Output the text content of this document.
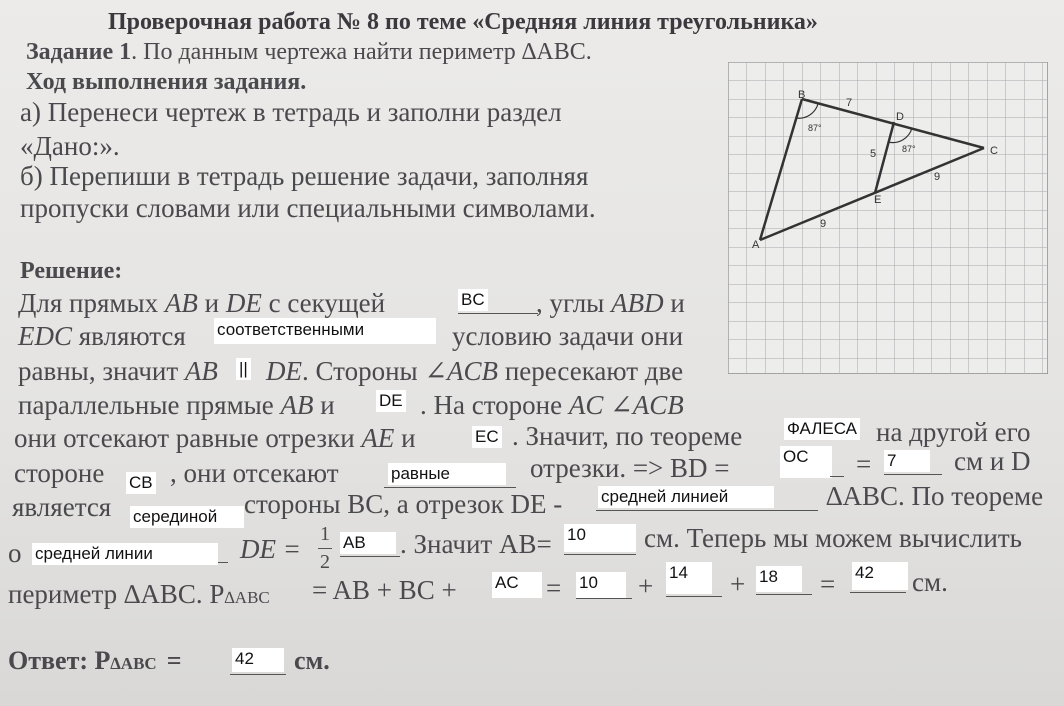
Проверочная работа № 8 по теме «Средняя линия треугольника»
Задание 1. По данным чертежа найти периметр ∆ABC.
Ход выполнения задания.
а) Перенеси чертеж в тетрадь и заполни раздел
«Дано:».
б) Перепиши в тетрадь решение задачи, заполняя
пропуски словами или специальными символами.
Решение:
Для прямых AB и DE с секущей	BC , углы ABD и
EDC являются соответственными	условию задачи они
равны, значит AB || DE. Стороны ∠ACB пересекают две
параллельные прямые AB и	DE . На стороне AC ∠ACB
они отсекают равные отрезки AE и	EC . Значит, по теореме	ФАЛЕСА на другой его
стороне CB , они отсекают	равные	отрезки. => BD =	OC	= 7	см и D
является серединой стороны BC, а отрезок DE - средней линией	∆ABC. По теореме
о средней линии	DE = 1
2
AB	. Значит AB= 10	см. Теперь мы можем вычислить
периметр ∆ABC. P∆ABC = AB + BC + AC	= 10	+ 14	+ 18	= 42	см.
Ответ: P∆ABC =	42	см.
B
A
C
D
E
7
5
9
9
87°
87°
